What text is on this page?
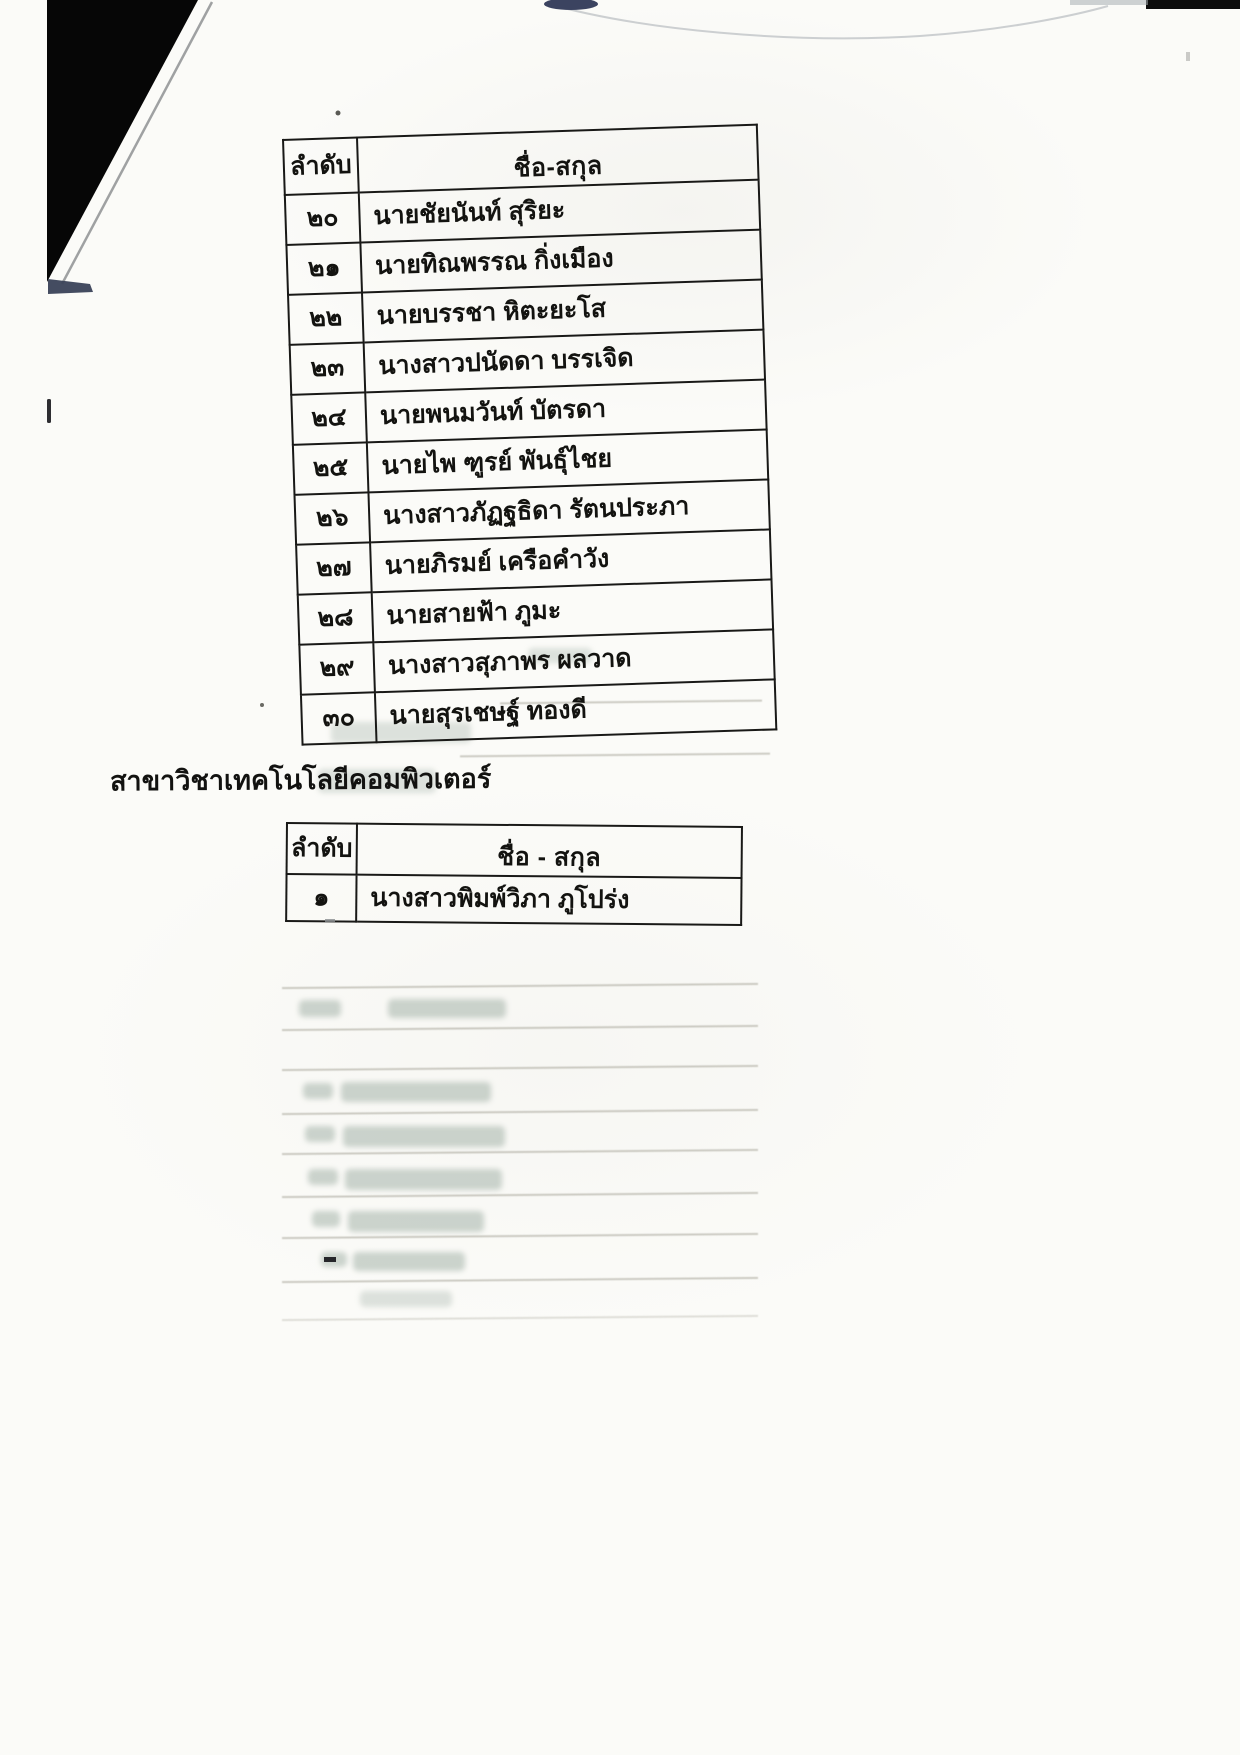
ลำดับ	ชื่อ-สกุล
๒๐	นายชัยนันท์ สุริยะ
๒๑	นายทิณพรรณ กิ่งเมือง
๒๒	นายบรรชา หิตะยะโส
๒๓	นางสาวปนัดดา บรรเจิด
๒๔	นายพนมวันท์ บัตรดา
๒๕	นายไพ ฑูรย์ พันธุ์ไชย
๒๖	นางสาวภัฏฐธิดา รัตนประภา
๒๗	นายภิรมย์ เครือคำวัง
๒๘	นายสายฟ้า ภูมะ
๒๙	นางสาวสุภาพร ผลวาด
๓๐	นายสุรเชษฐ์ ทองดี
สาขาวิชาเทคโนโลยีคอมพิวเตอร์
ลำดับ	ชื่อ - สกุล
๑	นางสาวพิมพ์วิภา ภูโปร่ง
